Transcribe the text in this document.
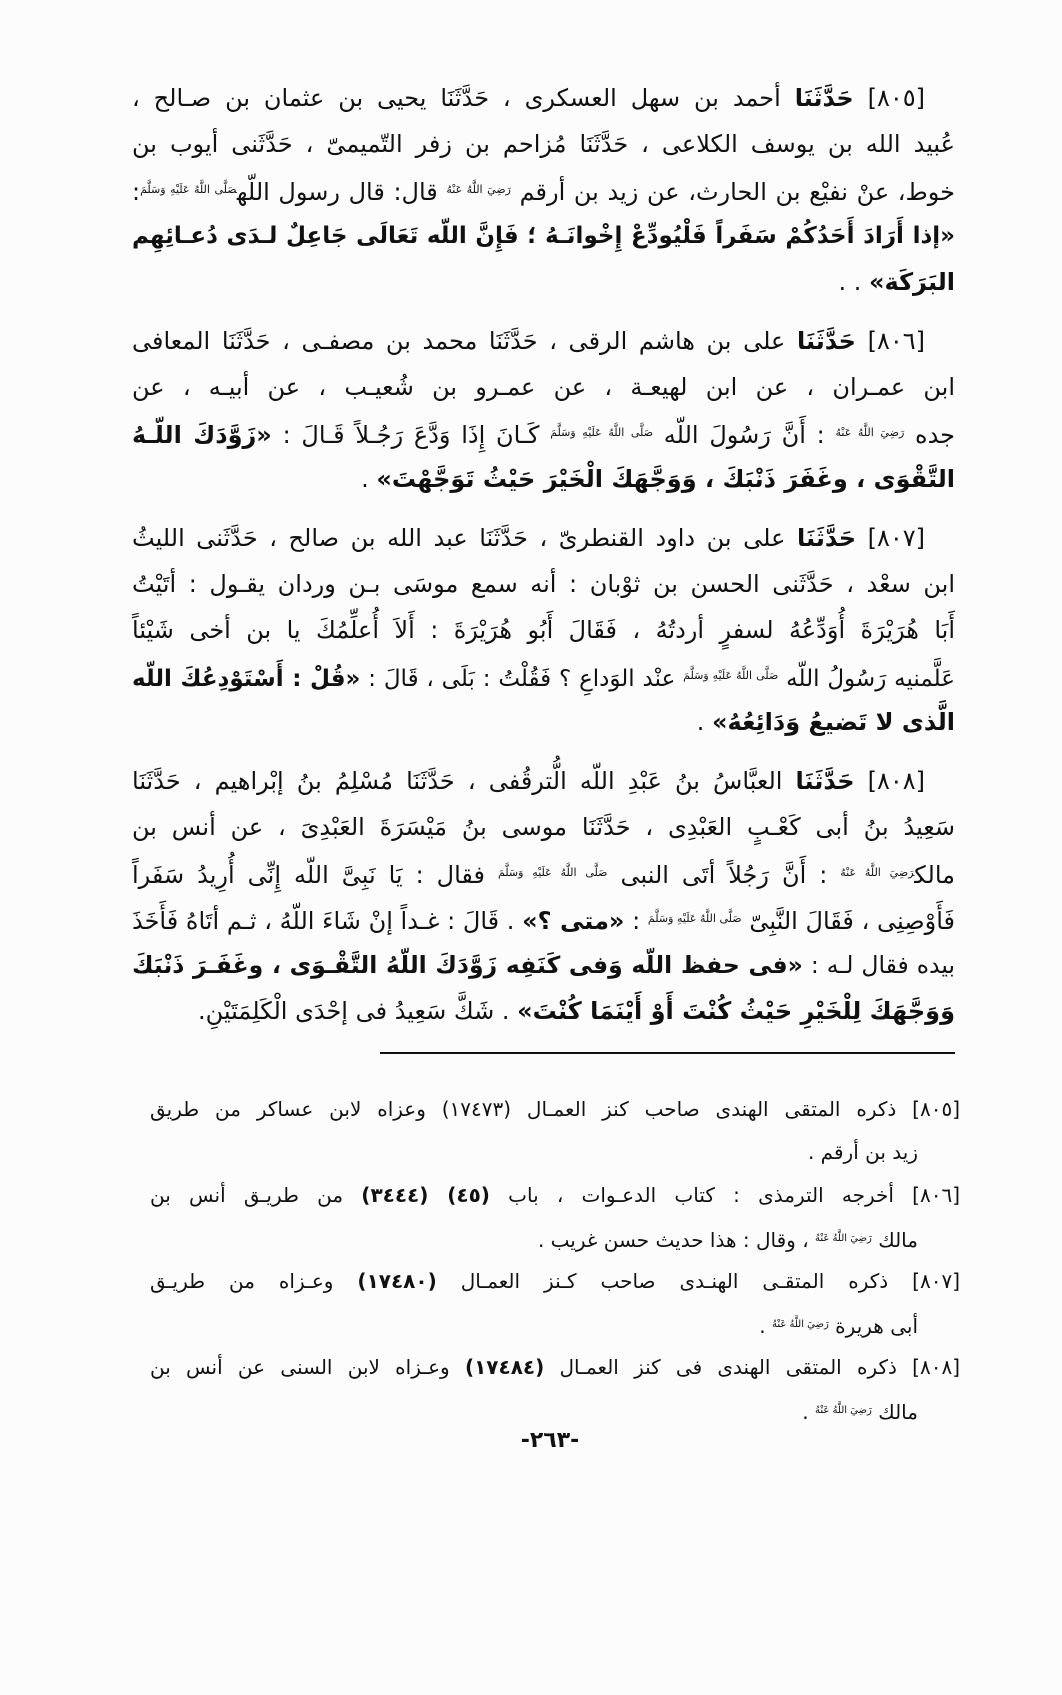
[٨٠٥] حَدَّثَنَا أحمد بن سهل العسكرى ، حَدَّثَنَا يحيى بن عثمان بن صـالح ،
عُبيد الله بن يوسف الكلاعى ، حَدَّثَنَا مُزاحم بن زفر التّميمىّ ، حَدَّثَنى أيوب بن
خوط، عنْ نفيْع بن الحارث، عن زيد بن أرقم $^{رَضِيَ اللَّهُ عَنْهُ}$ قال: قال رسول اللّه$^{صَلَّى اللَّهُ عَلَيْهِ وَسَلَّمَ}$:
«إذا أَرَادَ أَحَدُكُمْ سَفَراً فَلْيُودِّعْ إِخْوانَـهُ ؛ فَإِنَّ اللّه تَعَالَى جَاعِلٌ لـدَى دُعـائِهِم
البَرَكَة» . .
[٨٠٦] حَدَّثَنَا على بن هاشم الرقى ، حَدَّثَنَا محمد بن مصفـى ، حَدَّثَنَا المعافى
ابن عمـران ، عن ابن لهيعـة ، عن عمـرو بن شُعيـب ، عن أبيـه ، عن
جده $^{رَضِيَ اللَّهُ عَنْهُ}$ : أَنَّ رَسُولَ اللّه $^{صَلَّى اللَّهُ عَلَيْهِ وَسَلَّمَ}$ كَـانَ إِذَا وَدَّعَ رَجُـلاً قَـالَ : «زَوَّدَكَ اللّـهُ
التَّقْوَى ، وغَفَرَ ذَنْبَكَ ، وَوَجَّهَكَ الْخَيْرَ حَيْثُ تَوَجَّهْتَ» .
[٨٠٧] حَدَّثَنَا على بن داود القنطرىّ ، حَدَّثَنَا عبد الله بن صالح ، حَدَّثَنى الليثُ
ابن سعْد ، حَدَّثَنى الحسن بن ثوْبان : أنه سمع موسَى بـن وردان يقـول : أتَيْتُ
أَبَا هُرَيْرَةَ أُوَدِّعُهُ لسفرٍ أردتُهُ ، فَقَالَ أَبُو هُرَيْرَةَ : أَلاَ أُعلِّمُكَ يا بن أخى شَيْئاً
عَلَّمنيه رَسُولُ اللّه $^{صَلَّى اللَّهُ عَلَيْهِ وَسَلَّمَ}$ عنْد الوَداعِ ؟ فَقُلْتُ : بَلَى ، قَالَ : «قُلْ : أَسْتَوْدِعُكَ اللّه
الَّذى لا تَضيعُ وَدَائِعُهُ» .
[٨٠٨] حَدَّثَنَا العبَّاسُ بنُ عَبْدِ اللّه الُّترقُفى ، حَدَّثَنَا مُسْلِمُ بنُ إبْراهيم ، حَدَّثَنَا
سَعِيدُ بنُ أبى كَعْـبٍ العَبْدِى ، حَدَّثَنَا موسى بنُ مَيْسَرَةَ العَبْدِىَ ، عن أنس بن
مالك$^{رَضِيَ اللَّهُ عَنْهُ}$ : أَنَّ رَجُلاً أتَى النبى $^{صَلَّى اللَّهُ عَلَيْهِ وَسَلَّمَ}$ فقال : يَا نَبِىَّ اللّه إِنِّى أُرِيدُ سَفَراً
فَأَوْصِنِى ، فَقَالَ النَّبِىّ $^{صَلَّى اللَّهُ عَلَيْهِ وَسَلَّمَ}$ : «متى ؟» . قَالَ : غـداً إنْ شَاءَ اللّهُ ، ثـم أتَاهُ فَأَخَذَ
بيده فقال لـه : «فى حفظ اللّه وَفى كَنَفِه زَوَّدَكَ اللّهُ التَّقْـوَى ، وغَفَـرَ ذَنْبَكَ
وَوَجَّهَكَ لِلْخَيْرِ حَيْثُ كُنْتَ أَوْ أَيْنَمَا كُنْتَ» . شَكَّ سَعِيدُ فى إحْدَى الْكَلِمَتَيْنِ.
[٨٠٥] ذكره المتقى الهندى صاحب كنز العمـال (١٧٤٧٣) وعزاه لابن عساكر من طريق
زيد بن أرقم .
[٨٠٦] أخرجه الترمذى : كتاب الدعـوات ، باب (٤٥) (٣٤٤٤) من طريـق أنس بن
مالك $^{رَضِيَ اللَّهُ عَنْهُ}$ ، وقال : هذا حديث حسن غريب .
[٨٠٧] ذكره المتقـى الهنـدى صاحب كـنز العمـال (١٧٤٨٠) وعـزاه من طريـق
أبى هريرة $^{رَضِيَ اللَّهُ عَنْهُ}$ .
[٨٠٨] ذكره المتقى الهندى فى كنز العمـال (١٧٤٨٤) وعـزاه لابن السنى عن أنس بن
مالك $^{رَضِيَ اللَّهُ عَنْهُ}$ .
-٢٦٣-
